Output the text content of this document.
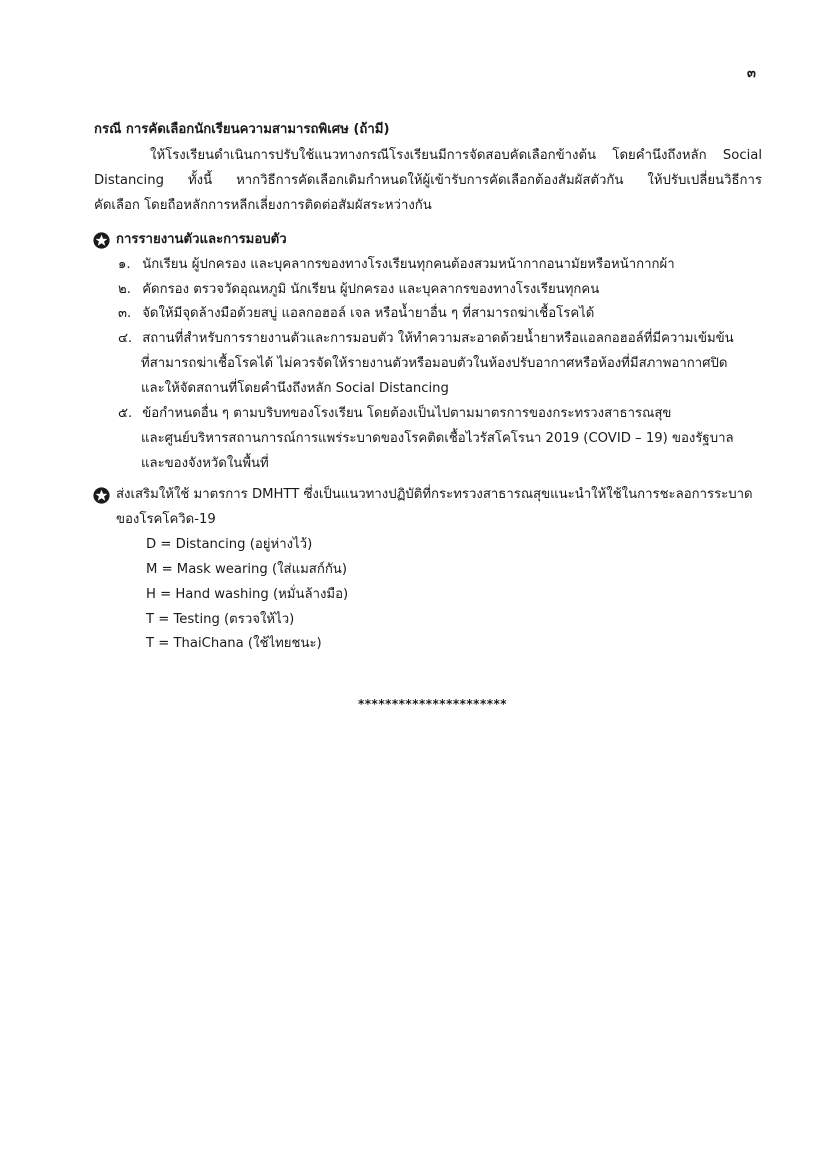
๓
กรณี การคัดเลือกนักเรียนความสามารถพิเศษ (ถ้ามี)
ให้โรงเรียนดำเนินการปรับใช้แนวทางกรณีโรงเรียนมีการจัดสอบคัดเลือกข้างต้น โดยคำนึงถึงหลัก Social
Distancing ทั้งนี้ หากวิธีการคัดเลือกเดิมกำหนดให้ผู้เข้ารับการคัดเลือกต้องสัมผัสตัวกัน ให้ปรับเปลี่ยนวิธีการ
คัดเลือก โดยถือหลักการหลีกเลี่ยงการติดต่อสัมผัสระหว่างกัน
การรายงานตัวและการมอบตัว
๑. นักเรียน ผู้ปกครอง และบุคลากรของทางโรงเรียนทุกคนต้องสวมหน้ากากอนามัยหรือหน้ากากผ้า
๒. คัดกรอง ตรวจวัดอุณหภูมิ นักเรียน ผู้ปกครอง และบุคลากรของทางโรงเรียนทุกคน
๓. จัดให้มีจุดล้างมือด้วยสบู่ แอลกอฮอล์ เจล หรือน้ำยาอื่น ๆ ที่สามารถฆ่าเชื้อโรคได้
๔. สถานที่สำหรับการรายงานตัวและการมอบตัว ให้ทำความสะอาดด้วยน้ำยาหรือแอลกอฮอล์ที่มีความเข้มข้น
ที่สามารถฆ่าเชื้อโรคได้ ไม่ควรจัดให้รายงานตัวหรือมอบตัวในห้องปรับอากาศหรือห้องที่มีสภาพอากาศปิด
และให้จัดสถานที่โดยคำนึงถึงหลัก Social Distancing
๕. ข้อกำหนดอื่น ๆ ตามบริบทของโรงเรียน โดยต้องเป็นไปตามมาตรการของกระทรวงสาธารณสุข
และศูนย์บริหารสถานการณ์การแพร่ระบาดของโรคติดเชื้อไวรัสโคโรนา 2019 (COVID – 19) ของรัฐบาล
และของจังหวัดในพื้นที่
ส่งเสริมให้ใช้ มาตรการ DMHTT ซึ่งเป็นแนวทางปฏิบัติที่กระทรวงสาธารณสุขแนะนำให้ใช้ในการชะลอการระบาด
ของโรคโควิด-19
D = Distancing (อยู่ห่างไว้)
M = Mask wearing (ใส่แมสก์กัน)
H = Hand washing (หมั่นล้างมือ)
T = Testing (ตรวจให้ไว)
T = ThaiChana (ใช้ไทยชนะ)
**********************
